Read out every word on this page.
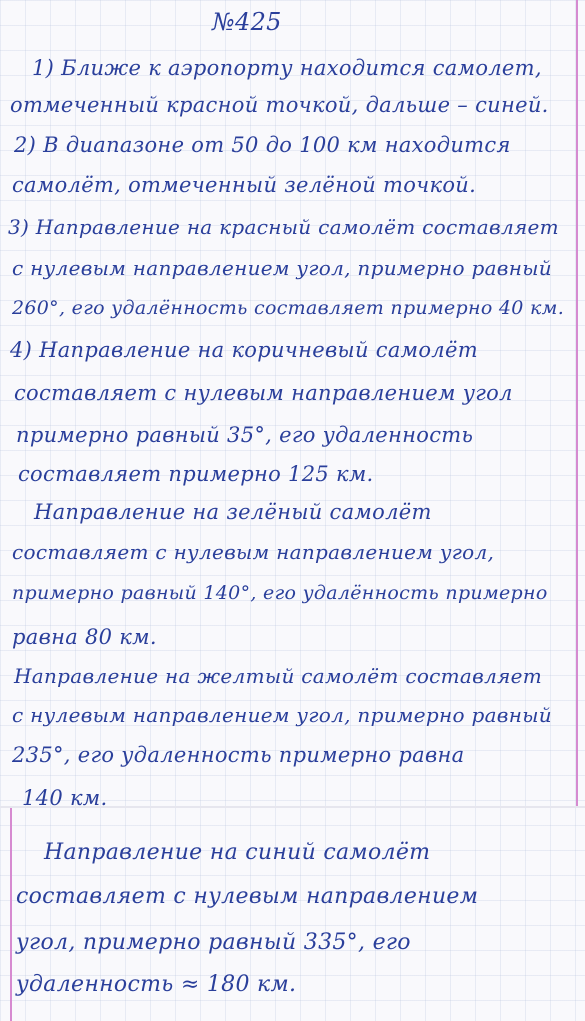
№425
1) Ближе к аэропорту находится самолет,
отмеченный красной точкой, дальше – синей.
2) В диапазоне от 50 до 100 км находится
самолёт, отмеченный зелёной точкой.
3) Направление на красный самолёт составляет
с нулевым направлением угол, примерно равный
260°, его удалённость составляет примерно 40 км.
4) Направление на коричневый самолёт
составляет с нулевым направлением угол
примерно равный 35°, его удаленность
составляет примерно 125 км.
Направление на зелёный самолёт
составляет с нулевым направлением угол,
примерно равный 140°, его удалённость примерно
равна 80 км.
Направление на желтый самолёт составляет
с нулевым направлением угол, примерно равный
235°, его удаленность примерно равна
140 км.
Направление на синий самолёт
составляет с нулевым направлением
угол, примерно равный 335°, его
удаленность ≈ 180 км.
